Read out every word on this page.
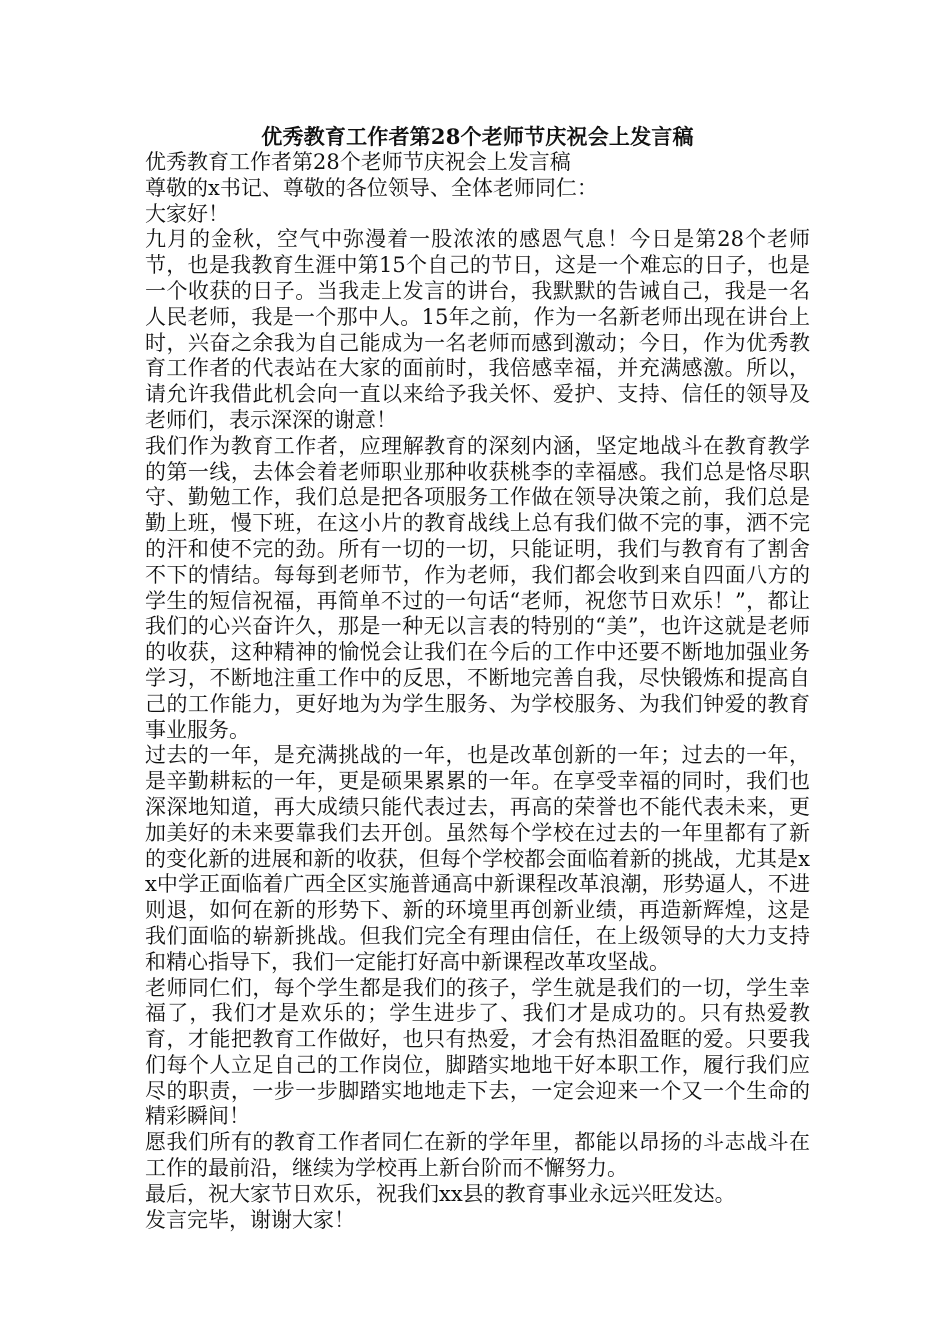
优秀教育工作者第28个老师节庆祝会上发言稿

优秀教育工作者第28个老师节庆祝会上发言稿

尊敬的x书记、尊敬的各位领导、全体老师同仁：

大家好！

九月的金秋，空气中弥漫着一股浓浓的感恩气息！今日是第28个老师节，也是我教育生涯中第15个自己的节日，这是一个难忘的日子，也是一个收获的日子。当我走上发言的讲台，我默默的告诫自己，我是一名人民老师，我是一个那中人。15年之前，作为一名新老师出现在讲台上时，兴奋之余我为自己能成为一名老师而感到激动；今日，作为优秀教育工作者的代表站在大家的面前时，我倍感幸福，并充满感激。所以，请允许我借此机会向一直以来给予我关怀、爱护、支持、信任的领导及老师们，表示深深的谢意！

我们作为教育工作者，应理解教育的深刻内涵，坚定地战斗在教育教学的第一线，去体会着老师职业那种收获桃李的幸福感。我们总是恪尽职守、勤勉工作，我们总是把各项服务工作做在领导决策之前，我们总是勤上班，慢下班，在这小片的教育战线上总有我们做不完的事，洒不完的汗和使不完的劲。所有一切的一切，只能证明，我们与教育有了割舍不下的情结。每每到老师节，作为老师，我们都会收到来自四面八方的学生的短信祝福，再简单不过的一句话“老师，祝您节日欢乐！”，都让我们的心兴奋许久，那是一种无以言表的特别的“美”，也许这就是老师的收获，这种精神的愉悦会让我们在今后的工作中还要不断地加强业务学习，不断地注重工作中的反思，不断地完善自我，尽快锻炼和提高自己的工作能力，更好地为为学生服务、为学校服务、为我们钟爱的教育事业服务。

过去的一年，是充满挑战的一年，也是改革创新的一年；过去的一年，是辛勤耕耘的一年，更是硕果累累的一年。在享受幸福的同时，我们也深深地知道，再大成绩只能代表过去，再高的荣誉也不能代表未来，更加美好的未来要靠我们去开创。虽然每个学校在过去的一年里都有了新的变化新的进展和新的收获，但每个学校都会面临着新的挑战，尤其是xx中学正面临着广西全区实施普通高中新课程改革浪潮，形势逼人，不进则退，如何在新的形势下、新的环境里再创新业绩，再造新辉煌，这是我们面临的崭新挑战。但我们完全有理由信任，在上级领导的大力支持和精心指导下，我们一定能打好高中新课程改革攻坚战。

老师同仁们，每个学生都是我们的孩子，学生就是我们的一切，学生幸福了，我们才是欢乐的；学生进步了、我们才是成功的。只有热爱教育，才能把教育工作做好，也只有热爱，才会有热泪盈眶的爱。只要我们每个人立足自己的工作岗位，脚踏实地地干好本职工作，履行我们应尽的职责，一步一步脚踏实地地走下去，一定会迎来一个又一个生命的精彩瞬间！

愿我们所有的教育工作者同仁在新的学年里，都能以昂扬的斗志战斗在工作的最前沿，继续为学校再上新台阶而不懈努力。

最后，祝大家节日欢乐，祝我们xx县的教育事业永远兴旺发达。

发言完毕，谢谢大家！
